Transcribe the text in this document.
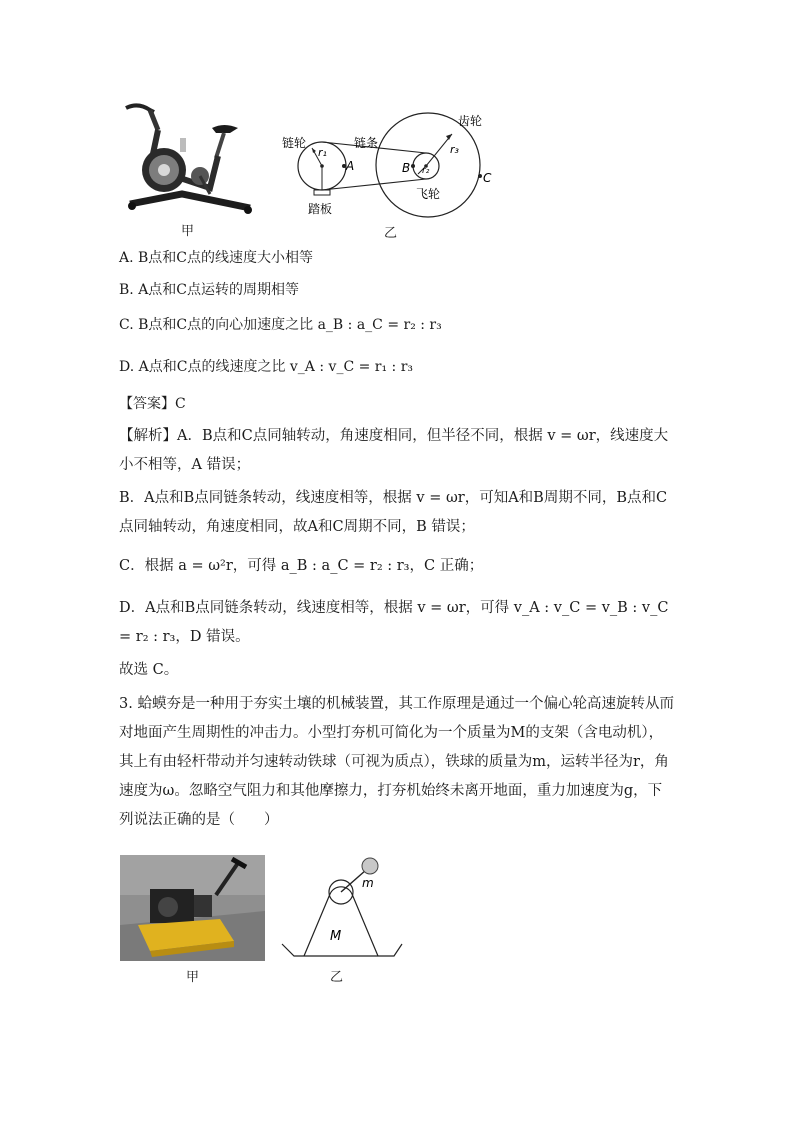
甲
链轮	链条
齿轮
踏板
飞轮
r₁
r₂
r₃
A	B
C
乙
A. B点和C点的线速度大小相等
B. A点和C点运转的周期相等
C. B点和C点的向心加速度之比 a_B : a_C = r₂ : r₃
D. A点和C点的线速度之比 v_A : v_C = r₁ : r₃
【答案】C
【解析】A．B点和C点同轴转动，角速度相同，但半径不同，根据 v = ωr，线速度大小不相等，A 错误；
B．A点和B点同链条转动，线速度相等，根据 v = ωr，可知A和B周期不同，B点和C点同轴转动，角速度相同，故A和C周期不同，B 错误；
C．根据 a = ω²r，可得 a_B : a_C = r₂ : r₃，C 正确；
D．A点和B点同链条转动，线速度相等，根据 v = ωr，可得 v_A : v_C = v_B : v_C = r₂ : r₃，D 错误。
故选 C。
3. 蛤蟆夯是一种用于夯实土壤的机械装置，其工作原理是通过一个偏心轮高速旋转从而对地面产生周期性的冲击力。小型打夯机可简化为一个质量为M的支架（含电动机），其上有由轻杆带动并匀速转动铁球（可视为质点），铁球的质量为m，运转半径为r，角速度为ω。忽略空气阻力和其他摩擦力，打夯机始终未离开地面，重力加速度为g，下列说法正确的是（　　）
甲
m
M
乙
